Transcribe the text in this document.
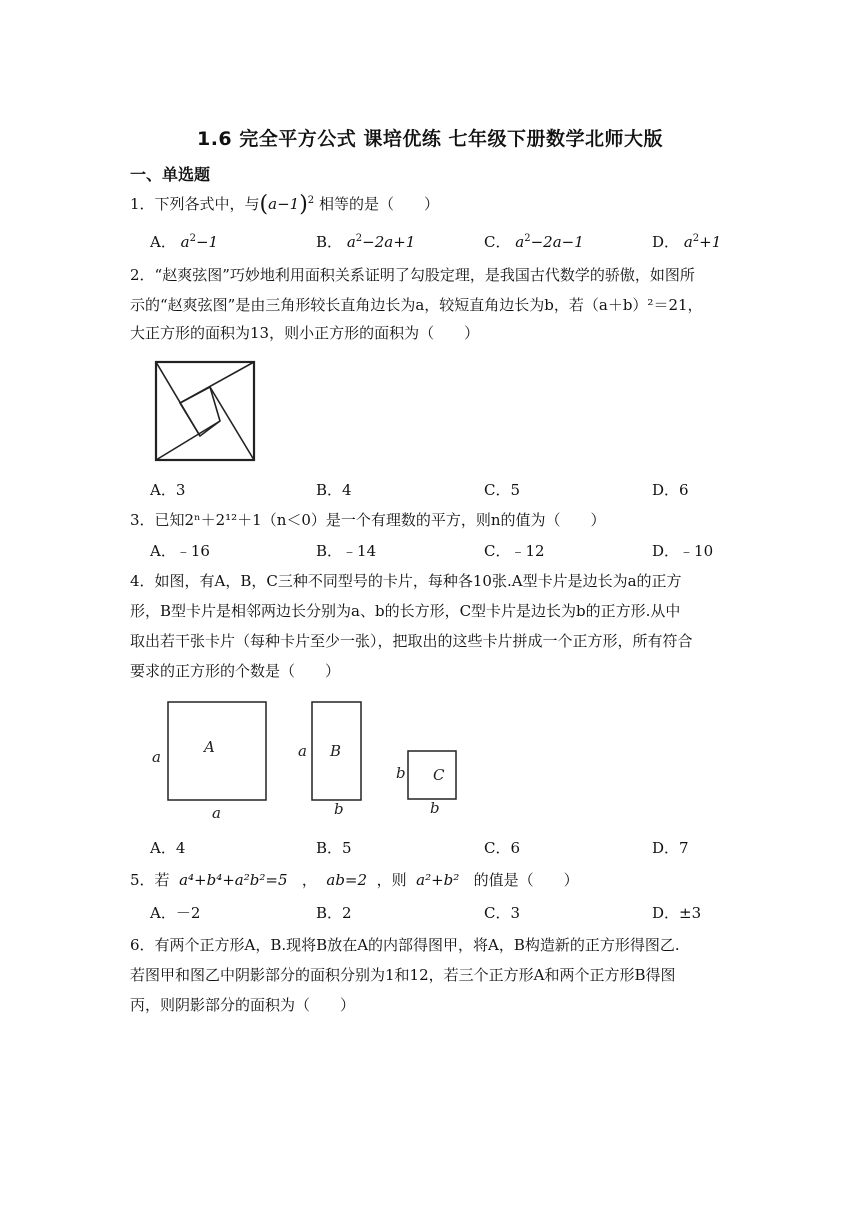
1.6 完全平方公式 课培优练 七年级下册数学北师大版
一、单选题
1．下列各式中，与$(a-1)^2$ 相等的是（　　）
A． $a^2-1$	B． $a^2-2a+1$	C． $a^2-2a-1$	D． $a^2+1$
2．“赵爽弦图”巧妙地利用面积关系证明了勾股定理，是我国古代数学的骄傲，如图所
示的“赵爽弦图”是由三角形较长直角边长为a，较短直角边长为b，若（a＋b）²＝21，
大正方形的面积为13，则小正方形的面积为（　　）
A．3	B．4	C．5	D．6
3．已知2ⁿ＋2¹²＋1（n＜0）是一个有理数的平方，则n的值为（　　）
A．﹣16	B．﹣14	C．﹣12	D．﹣10
4．如图，有A，B，C三种不同型号的卡片，每种各10张.A型卡片是边长为a的正方
形，B型卡片是相邻两边长分别为a、b的长方形，C型卡片是边长为b的正方形.从中
取出若干张卡片（每种卡片至少一张），把取出的这些卡片拼成一个正方形，所有符合
要求的正方形的个数是（　　）
A
a
a
B
a
b
C
b
b
A．4	B．5	C．6	D．7
5．若 a⁴+b⁴+a²b²=5 ， ab=2 ，则 a²+b² 的值是（　　）
A．－2	B．2	C．3	D．±3
6．有两个正方形A，B.现将B放在A的内部得图甲，将A，B构造新的正方形得图乙.
若图甲和图乙中阴影部分的面积分别为1和12，若三个正方形A和两个正方形B得图
丙，则阴影部分的面积为（　　）
